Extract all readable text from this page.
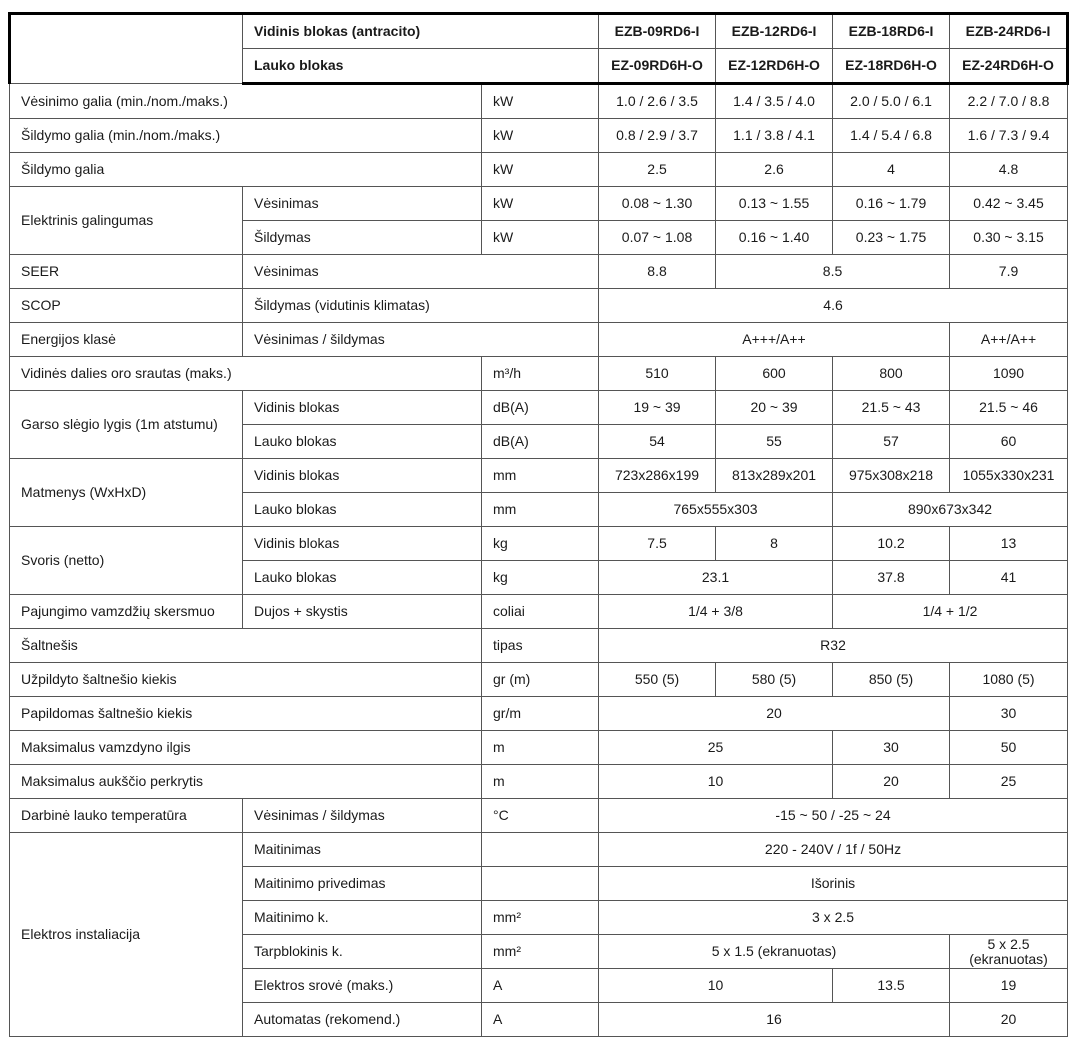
	Vidinis blokas (antracito)		EZB-09RD6-I	EZB-12RD6-I	EZB-18RD6-I	EZB-24RD6-I
	Lauko blokas		EZ-09RD6H-O	EZ-12RD6H-O	EZ-18RD6H-O	EZ-24RD6H-O
Vėsinimo galia (min./nom./maks.)		kW	1.0 / 2.6 / 3.5	1.4 / 3.5 / 4.0	2.0 / 5.0 / 6.1	2.2 / 7.0 / 8.8
Šildymo galia (min./nom./maks.)		kW	0.8 / 2.9 / 3.7	1.1 / 3.8 / 4.1	1.4 / 5.4 / 6.8	1.6 / 7.3 / 9.4
Šildymo galia		kW	2.5	2.6	4	4.8
Elektrinis galingumas	Vėsinimas	kW	0.08 ~ 1.30	0.13 ~ 1.55	0.16 ~ 1.79	0.42 ~ 3.45
	Šildymas	kW	0.07 ~ 1.08	0.16 ~ 1.40	0.23 ~ 1.75	0.30 ~ 3.15
SEER	Vėsinimas		8.8	8.5		7.9
SCOP	Šildymas (vidutinis klimatas)		4.6			
Energijos klasė	Vėsinimas / šildymas		A+++/A++			A++/A++
Vidinės dalies oro srautas (maks.)		m³/h	510	600	800	1090
Garso slėgio lygis (1m atstumu)	Vidinis blokas	dB(A)	19 ~ 39	20 ~ 39	21.5 ~ 43	21.5 ~ 46
	Lauko blokas	dB(A)	54	55	57	60
Matmenys (WxHxD)	Vidinis blokas	mm	723x286x199	813x289x201	975x308x218	1055x330x231
	Lauko blokas	mm	765x555x303		890x673x342	
Svoris (netto)	Vidinis blokas	kg	7.5	8	10.2	13
	Lauko blokas	kg	23.1		37.8	41
Pajungimo vamzdžių skersmuo	Dujos + skystis	coliai	1/4 + 3/8		1/4 + 1/2	
Šaltnešis		tipas	R32			
Užpildyto šaltnešio kiekis		gr (m)	550 (5)	580 (5)	850 (5)	1080 (5)
Papildomas šaltnešio kiekis		gr/m	20			30
Maksimalus vamzdyno ilgis		m	25		30	50
Maksimalus aukščio perkrytis		m	10		20	25
Darbinė lauko temperatūra	Vėsinimas / šildymas	°C	-15 ~ 50 / -25 ~ 24			
Elektros instaliacija	Maitinimas		220 - 240V / 1f / 50Hz			
	Maitinimo privedimas		Išorinis			
	Maitinimo k.	mm²	3 x 2.5			
	Tarpblokinis k.	mm²	5 x 1.5 (ekranuotas)			5 x 2.5 (ekranuotas)
	Elektros srovė (maks.)	A	10		13.5	19
	Automatas (rekomend.)	A	16			20
